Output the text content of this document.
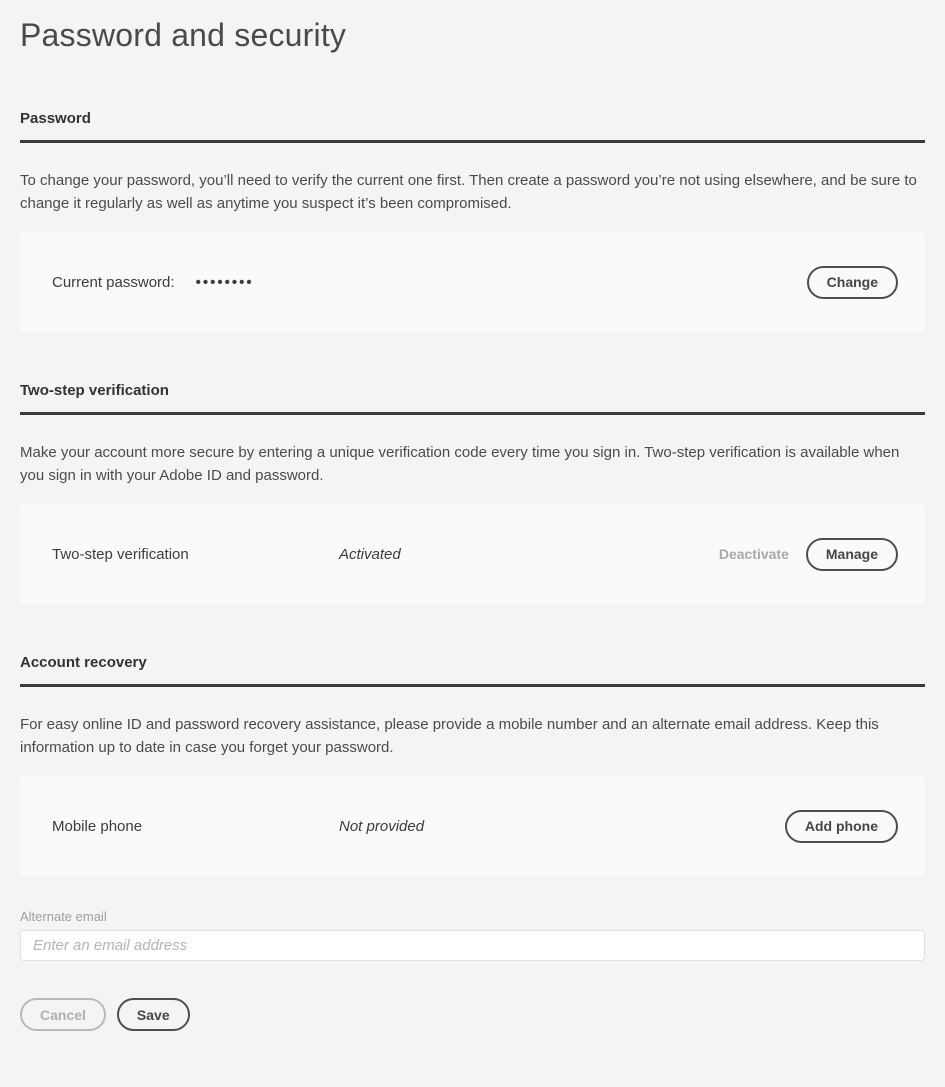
Password and security
Password

To change your password, you’ll need to verify the current one first. Then create a password you’re not using elsewhere, and be sure to change it regularly as well as anytime you suspect it’s been compromised.

Current password: ••••••••	Change
Two-step verification

Make your account more secure by entering a unique verification code every time you sign in. Two-step verification is available when you sign in with your Adobe ID and password.

Two-step verification	Activated	Deactivate	Manage
Account recovery

For easy online ID and password recovery assistance, please provide a mobile number and an alternate email address. Keep this information up to date in case you forget your password.

Mobile phone	Not provided	Add phone
Alternate email
Enter an email address
Cancel	Save
